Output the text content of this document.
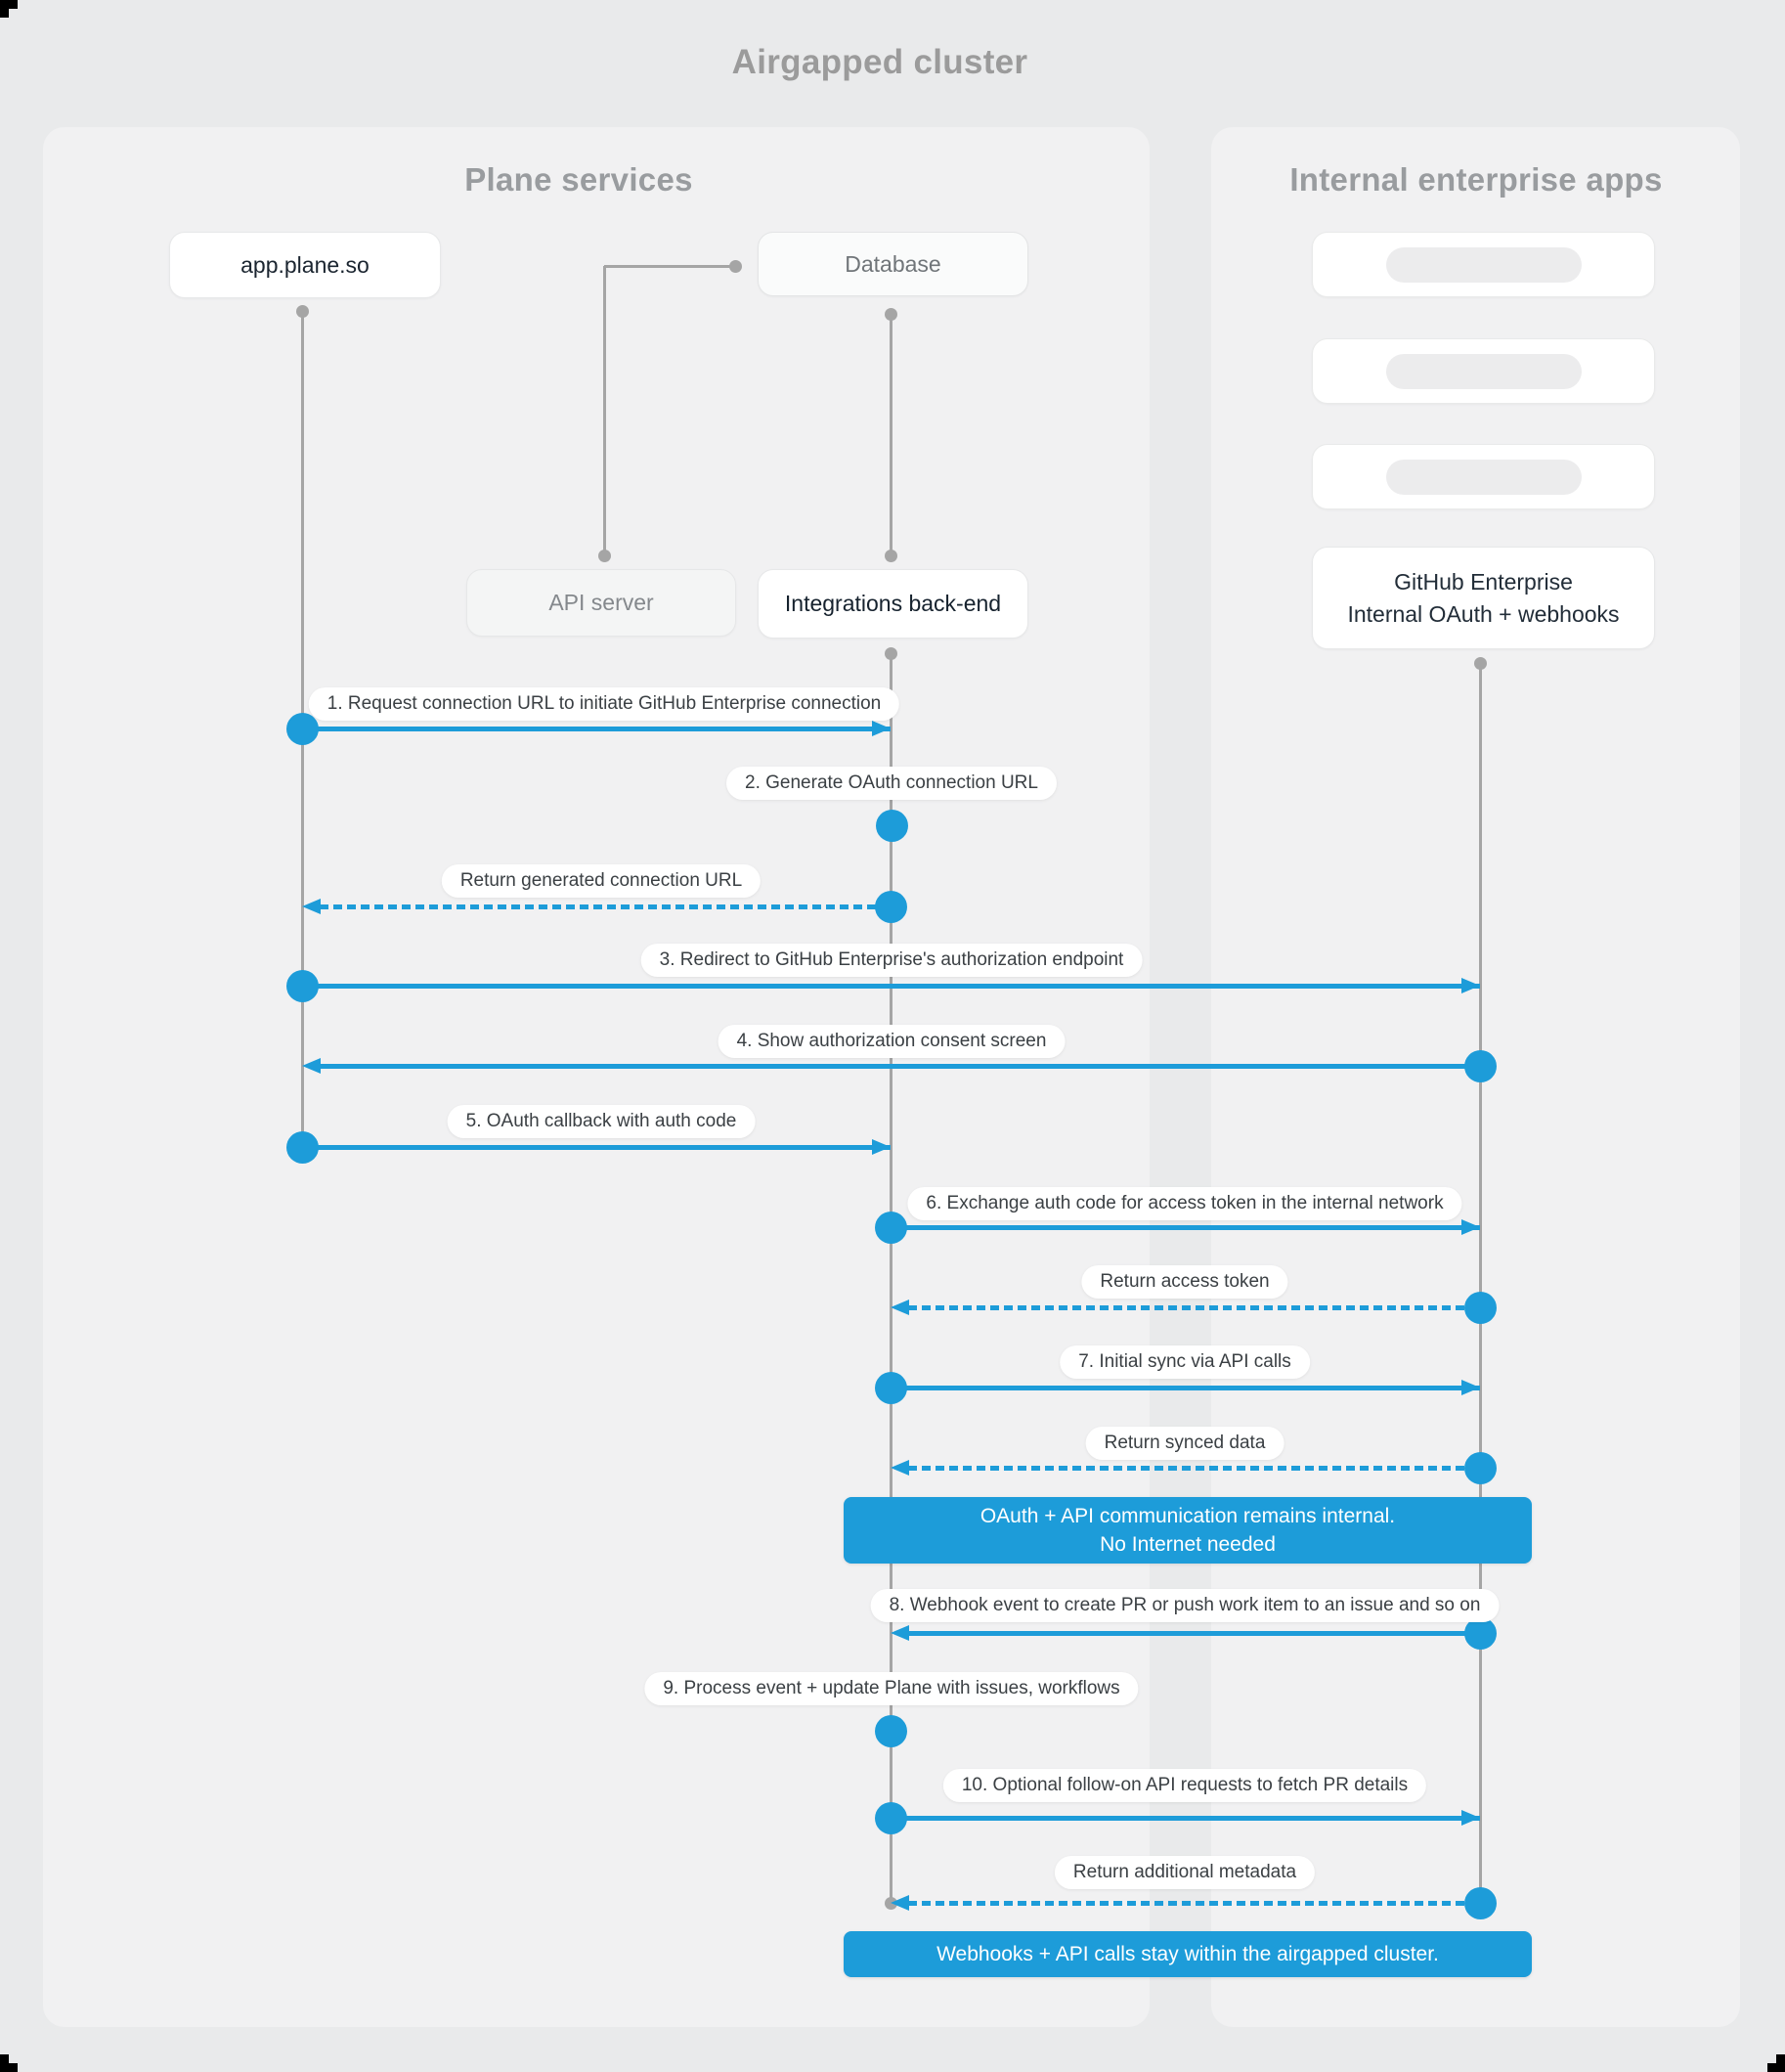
Airgapped cluster
Plane services	Internal enterprise apps
app.plane.so	Database
API server	Integrations back-end
GitHub Enterprise
Internal OAuth + webhooks
1. Request connection URL to initiate GitHub Enterprise connection
2. Generate OAuth connection URL
Return generated connection URL
3. Redirect to GitHub Enterprise's authorization endpoint
4. Show authorization consent screen
5. OAuth callback with auth code
6. Exchange auth code for access token in the internal network
Return access token
7. Initial sync via API calls
Return synced data
OAuth + API communication remains internal.
No Internet needed
8. Webhook event to create PR or push work item to an issue and so on
9. Process event + update Plane with issues, workflows
10. Optional follow-on API requests to fetch PR details
Return additional metadata
Webhooks + API calls stay within the airgapped cluster.
